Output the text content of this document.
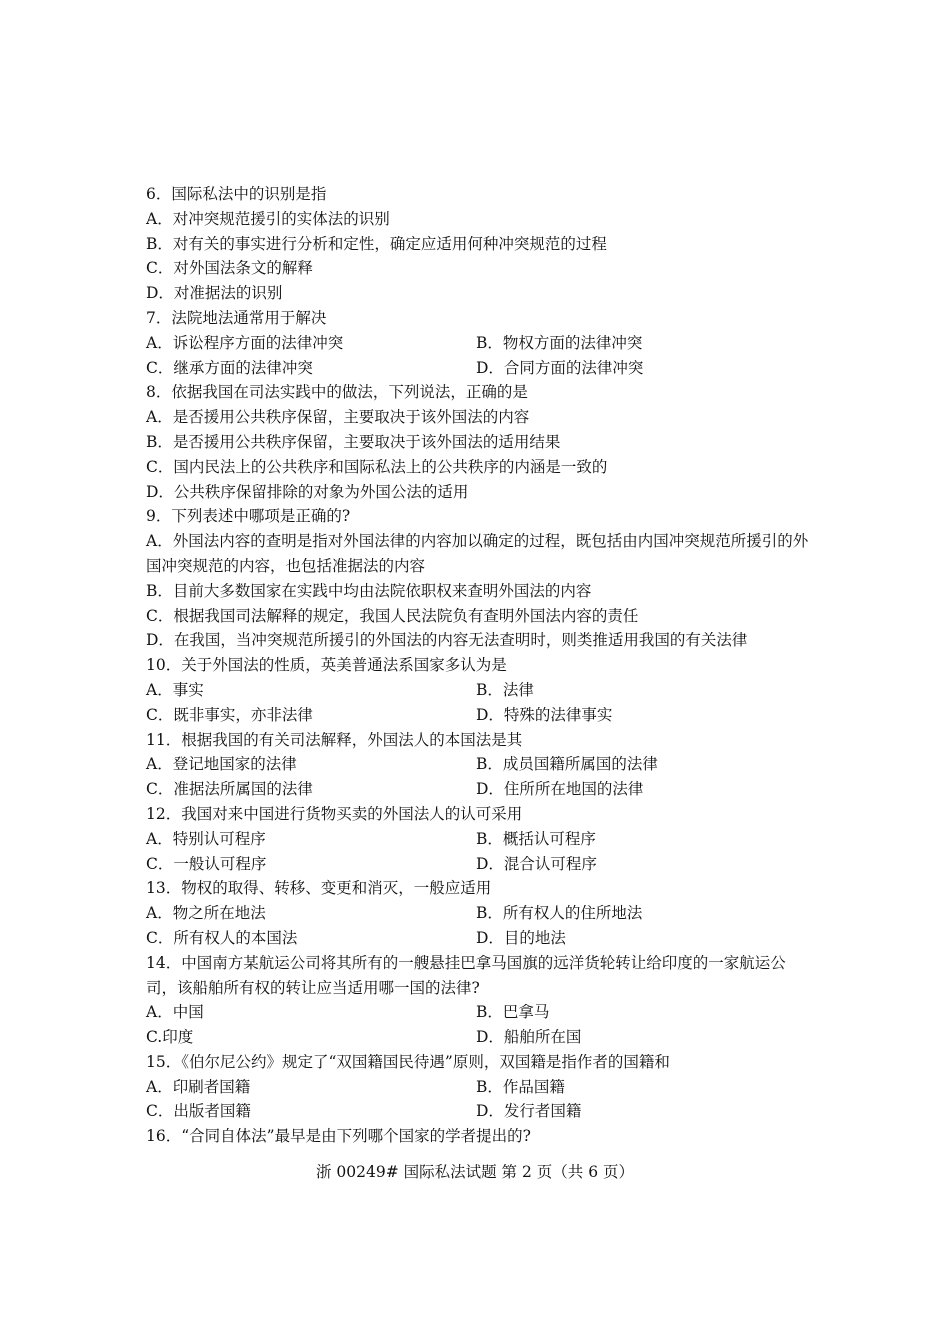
6．国际私法中的识别是指
A．对冲突规范援引的实体法的识别
B．对有关的事实进行分析和定性，确定应适用何种冲突规范的过程
C．对外国法条文的解释
D．对准据法的识别
7．法院地法通常用于解决
A．诉讼程序方面的法律冲突	B．物权方面的法律冲突
C．继承方面的法律冲突	D．合同方面的法律冲突
8．依据我国在司法实践中的做法，下列说法，正确的是
A．是否援用公共秩序保留，主要取决于该外国法的内容
B．是否援用公共秩序保留，主要取决于该外国法的适用结果
C．国内民法上的公共秩序和国际私法上的公共秩序的内涵是一致的
D．公共秩序保留排除的对象为外国公法的适用
9．下列表述中哪项是正确的?
A．外国法内容的查明是指对外国法律的内容加以确定的过程，既包括由内国冲突规范所援引的外国冲突规范的内容，也包括准据法的内容
B．目前大多数国家在实践中均由法院依职权来查明外国法的内容
C．根据我国司法解释的规定，我国人民法院负有查明外国法内容的责任
D．在我国，当冲突规范所援引的外国法的内容无法查明时，则类推适用我国的有关法律
10．关于外国法的性质，英美普通法系国家多认为是
A．事实	B．法律
C．既非事实，亦非法律	D．特殊的法律事实
11．根据我国的有关司法解释，外国法人的本国法是其
A．登记地国家的法律	B．成员国籍所属国的法律
C．准据法所属国的法律	D．住所所在地国的法律
12．我国对来中国进行货物买卖的外国法人的认可采用
A．特别认可程序	B．概括认可程序
C．一般认可程序	D．混合认可程序
13．物权的取得、转移、变更和消灭，一般应适用
A．物之所在地法	B．所有权人的住所地法
C．所有权人的本国法	D．目的地法
14．中国南方某航运公司将其所有的一艘悬挂巴拿马国旗的远洋货轮转让给印度的一家航运公司，该船舶所有权的转让应当适用哪一国的法律?
A．中国	B．巴拿马
C.印度	D．船舶所在国
15．《伯尔尼公约》规定了“双国籍国民待遇”原则，双国籍是指作者的国籍和
A．印刷者国籍	B．作品国籍
C．出版者国籍	D．发行者国籍
16．“合同自体法”最早是由下列哪个国家的学者提出的?
浙 00249# 国际私法试题 第 2 页（共 6 页）
